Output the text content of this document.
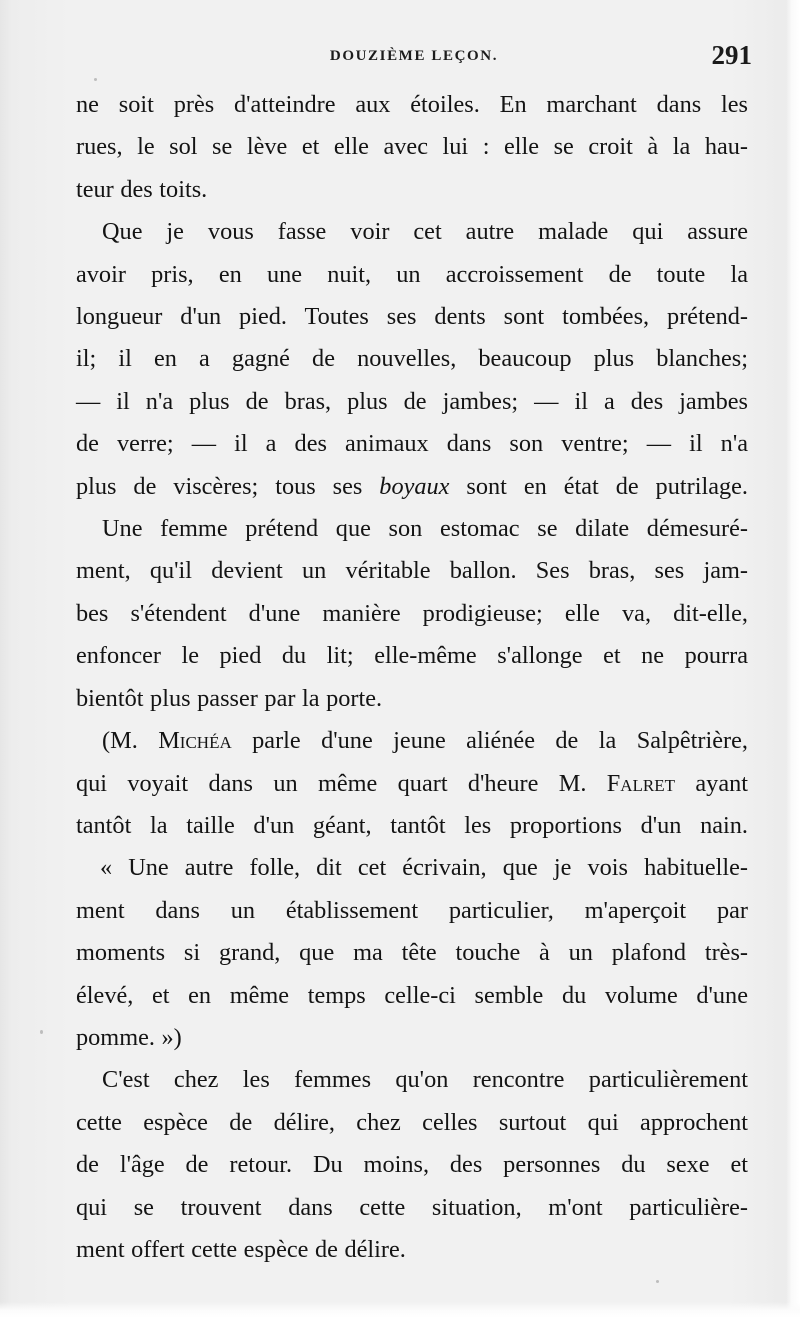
DOUZIÈME LEÇON.	291

ne soit près d'atteindre aux étoiles. En marchant dans les
rues, le sol se lève et elle avec lui : elle se croit à la hau-
teur des toits.

Que je vous fasse voir cet autre malade qui assure
avoir pris, en une nuit, un accroissement de toute la
longueur d'un pied. Toutes ses dents sont tombées, prétend-
il; il en a gagné de nouvelles, beaucoup plus blanches;
— il n'a plus de bras, plus de jambes; — il a des jambes
de verre; — il a des animaux dans son ventre; — il n'a
plus de viscères; tous ses boyaux sont en état de putrilage.

Une femme prétend que son estomac se dilate démesuré-
ment, qu'il devient un véritable ballon. Ses bras, ses jam-
bes s'étendent d'une manière prodigieuse; elle va, dit-elle,
enfoncer le pied du lit; elle-même s'allonge et ne pourra
bientôt plus passer par la porte.

(M. Michéa parle d'une jeune aliénée de la Salpêtrière,
qui voyait dans un même quart d'heure M. Falret ayant
tantôt la taille d'un géant, tantôt les proportions d'un nain.

« Une autre folle, dit cet écrivain, que je vois habituelle-
ment dans un établissement particulier, m'aperçoit par
moments si grand, que ma tête touche à un plafond très-
élevé, et en même temps celle-ci semble du volume d'une
pomme. »)

C'est chez les femmes qu'on rencontre particulièrement
cette espèce de délire, chez celles surtout qui approchent
de l'âge de retour. Du moins, des personnes du sexe et
qui se trouvent dans cette situation, m'ont particulière-
ment offert cette espèce de délire.
